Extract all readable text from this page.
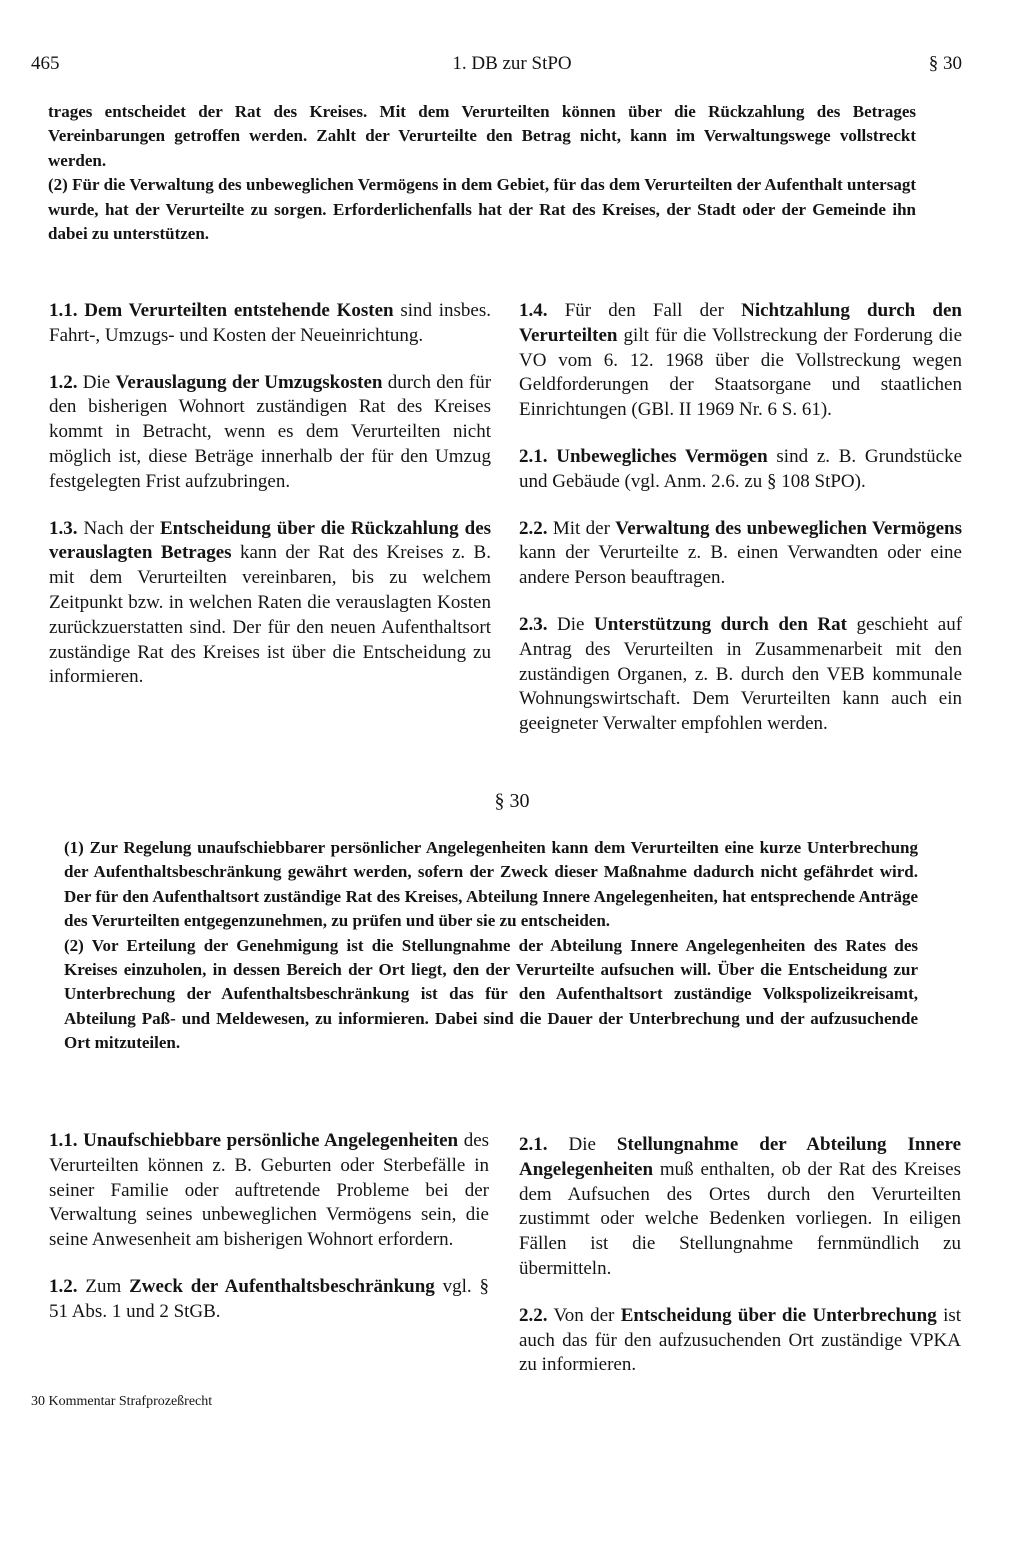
465	1. DB zur StPO	§ 30

trages entscheidet der Rat des Kreises. Mit dem Verurteilten können über die Rückzahlung des Betrages Vereinbarungen getroffen werden. Zahlt der Verurteilte den Betrag nicht, kann im Verwaltungswege vollstreckt werden.

(2) Für die Verwaltung des unbeweglichen Vermögens in dem Gebiet, für das dem Verurteilten der Aufenthalt untersagt wurde, hat der Verurteilte zu sorgen. Erforderlichenfalls hat der Rat des Kreises, der Stadt oder der Gemeinde ihn dabei zu unterstützen.

1.1. Dem Verurteilten entstehende Kosten sind insbes. Fahrt-, Umzugs- und Kosten der Neueinrichtung.

1.2. Die Verauslagung der Umzugskosten durch den für den bisherigen Wohnort zuständigen Rat des Kreises kommt in Betracht, wenn es dem Verurteilten nicht möglich ist, diese Beträge innerhalb der für den Umzug festgelegten Frist aufzubringen.

1.3. Nach der Entscheidung über die Rückzahlung des verauslagten Betrages kann der Rat des Kreises z. B. mit dem Verurteilten vereinbaren, bis zu welchem Zeitpunkt bzw. in welchen Raten die verauslagten Kosten zurückzuerstatten sind. Der für den neuen Aufenthaltsort zuständige Rat des Kreises ist über die Entscheidung zu informieren.

1.4. Für den Fall der Nichtzahlung durch den Verurteilten gilt für die Vollstreckung der Forderung die VO vom 6. 12. 1968 über die Vollstreckung wegen Geldforderungen der Staatsorgane und staatlichen Einrichtungen (GBl. II 1969 Nr. 6 S. 61).

2.1. Unbewegliches Vermögen sind z. B. Grundstücke und Gebäude (vgl. Anm. 2.6. zu § 108 StPO).

2.2. Mit der Verwaltung des unbeweglichen Vermögens kann der Verurteilte z. B. einen Verwandten oder eine andere Person beauftragen.

2.3. Die Unterstützung durch den Rat geschieht auf Antrag des Verurteilten in Zusammenarbeit mit den zuständigen Organen, z. B. durch den VEB kommunale Wohnungswirtschaft. Dem Verurteilten kann auch ein geeigneter Verwalter empfohlen werden.

§ 30

(1) Zur Regelung unaufschiebbarer persönlicher Angelegenheiten kann dem Verurteilten eine kurze Unterbrechung der Aufenthaltsbeschränkung gewährt werden, sofern der Zweck dieser Maßnahme dadurch nicht gefährdet wird. Der für den Aufenthaltsort zuständige Rat des Kreises, Abteilung Innere Angelegenheiten, hat entsprechende Anträge des Verurteilten entgegenzunehmen, zu prüfen und über sie zu entscheiden.

(2) Vor Erteilung der Genehmigung ist die Stellungnahme der Abteilung Innere Angelegenheiten des Rates des Kreises einzuholen, in dessen Bereich der Ort liegt, den der Verurteilte aufsuchen will. Über die Entscheidung zur Unterbrechung der Aufenthaltsbeschränkung ist das für den Aufenthaltsort zuständige Volkspolizeikreisamt, Abteilung Paß- und Meldewesen, zu informieren. Dabei sind die Dauer der Unterbrechung und der aufzusuchende Ort mitzuteilen.

1.1. Unaufschiebbare persönliche Angelegenheiten des Verurteilten können z. B. Geburten oder Sterbefälle in seiner Familie oder auftretende Probleme bei der Verwaltung seines unbeweglichen Vermögens sein, die seine Anwesenheit am bisherigen Wohnort erfordern.

1.2. Zum Zweck der Aufenthaltsbeschränkung vgl. § 51 Abs. 1 und 2 StGB.

2.1. Die Stellungnahme der Abteilung Innere Angelegenheiten muß enthalten, ob der Rat des Kreises dem Aufsuchen des Ortes durch den Verurteilten zustimmt oder welche Bedenken vorliegen. In eiligen Fällen ist die Stellungnahme fernmündlich zu übermitteln.

2.2. Von der Entscheidung über die Unterbrechung ist auch das für den aufzusuchenden Ort zuständige VPKA zu informieren.

30 Kommentar Strafprozeßrecht
